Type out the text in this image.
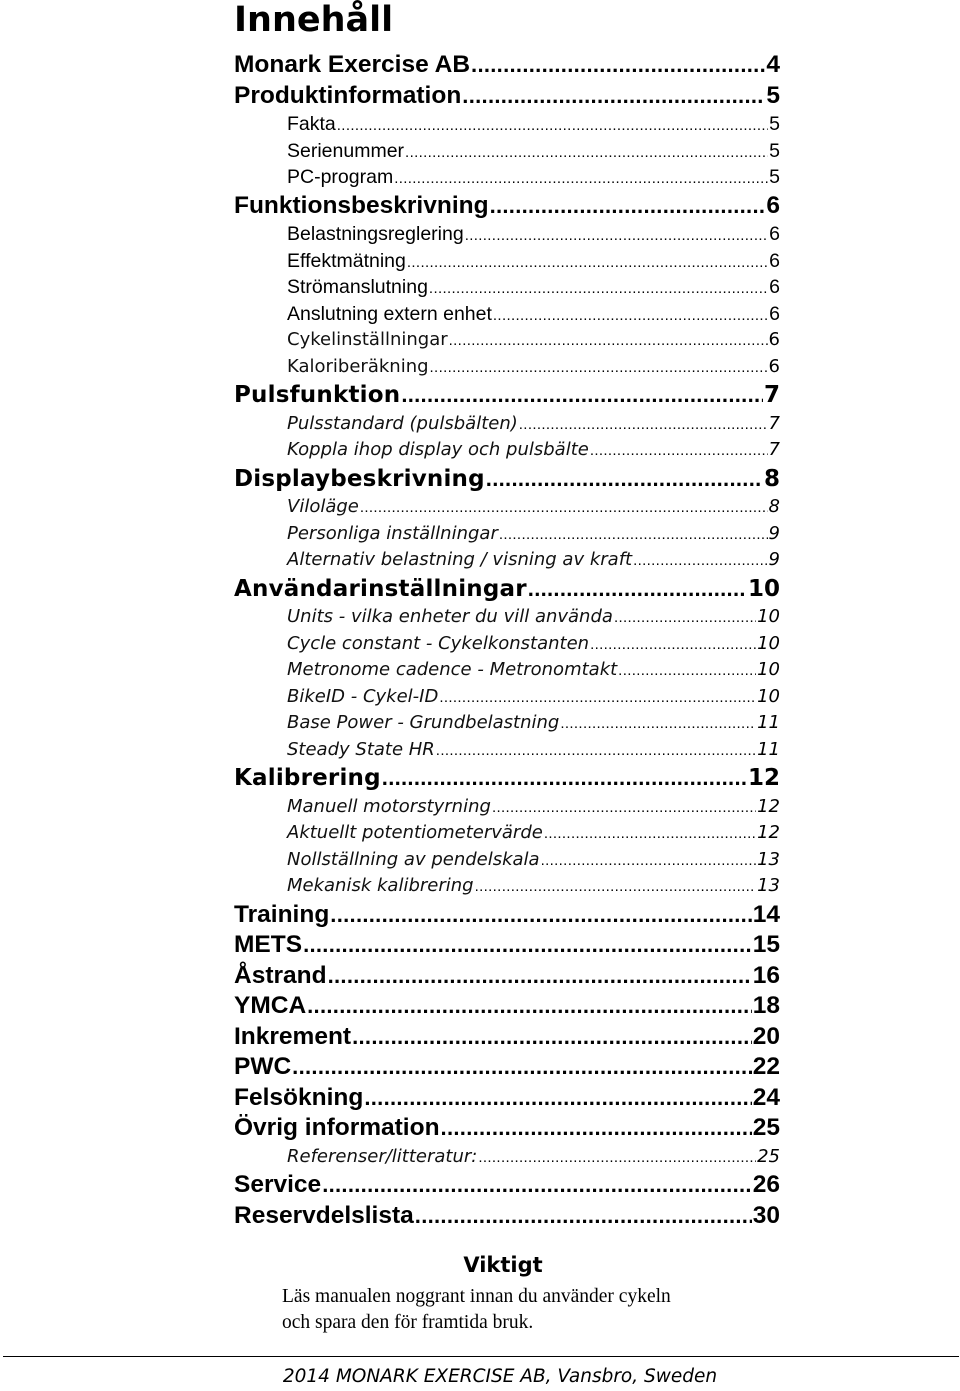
Innehåll
Monark Exercise AB .....	4
Produktinformation .....	5
Fakta .....	5
Serienummer .....	5
PC-program .....	5
Funktionsbeskrivning .....	6
Belastningsreglering .....	6
Effektmätning .....	6
Strömanslutning .....	6
Anslutning extern enhet .....	6
Cykelinställningar .....	6
Kaloriberäkning .....	6
Pulsfunktion .....	7
Pulsstandard (pulsbälten) .....	7
Koppla ihop display och pulsbälte .....	7
Displaybeskrivning .....	8
Viloläge .....	8
Personliga inställningar .....	9
Alternativ belastning / visning av kraft .....	9
Användarinställningar .....	10
Units - vilka enheter du vill använda .....	10
Cycle constant - Cykelkonstanten .....	10
Metronome cadence - Metronomtakt .....	10
BikeID - Cykel-ID .....	10
Base Power - Grundbelastning .....	11
Steady State HR .....	11
Kalibrering .....	12
Manuell motorstyrning .....	12
Aktuellt potentiometervärde .....	12
Nollställning av pendelskala .....	13
Mekanisk kalibrering .....	13
Training .....	14
METS .....	15
Åstrand .....	16
YMCA .....	18
Inkrement .....	20
PWC .....	22
Felsökning .....	24
Övrig information .....	25
Referenser/litteratur: .....	25
Service .....	26
Reservdelslista .....	30

Viktigt

Läs manualen noggrant innan du använder cykeln
och spara den för framtida bruk.

2014 MONARK EXERCISE AB, Vansbro, Sweden
